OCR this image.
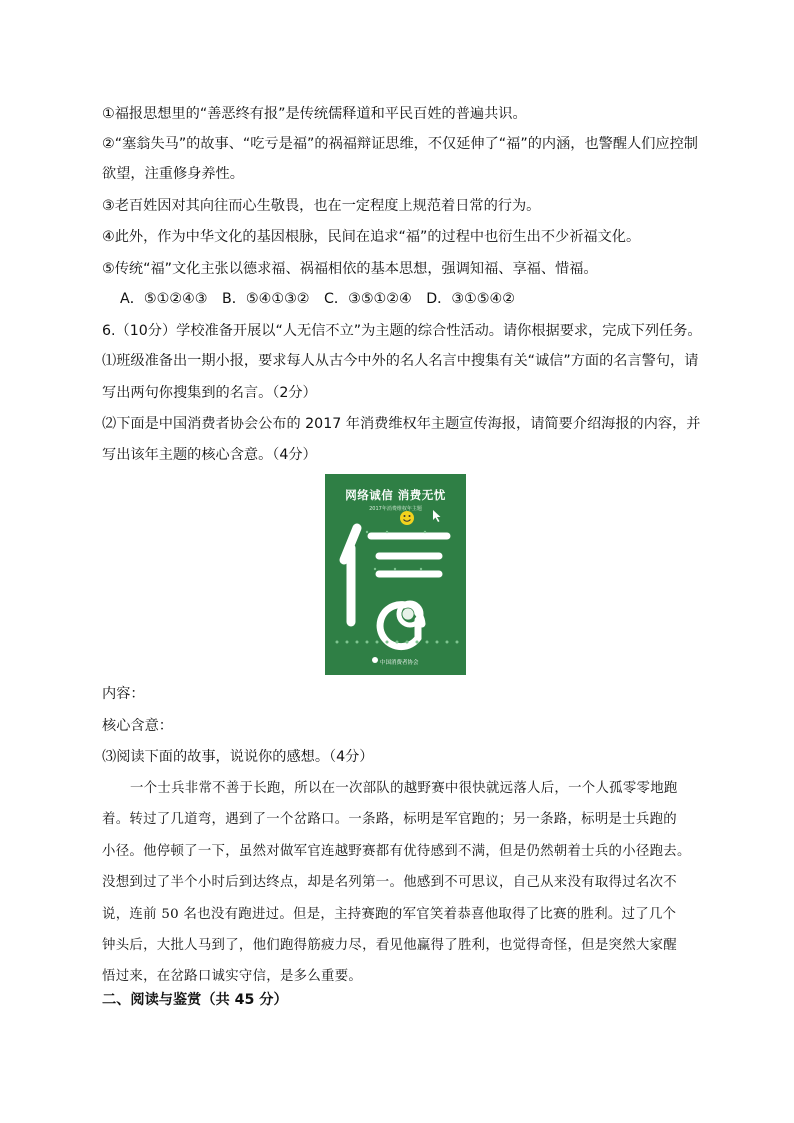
①福报思想里的“善恶终有报”是传统儒释道和平民百姓的普遍共识。
②“塞翁失马”的故事、“吃亏是福”的祸福辩证思维，不仅延伸了“福”的内涵，也警醒人们应控制
欲望，注重修身养性。
③老百姓因对其向往而心生敬畏，也在一定程度上规范着日常的行为。
④此外，作为中华文化的基因根脉，民间在追求“福”的过程中也衍生出不少祈福文化。
⑤传统“福”文化主张以德求福、祸福相依的基本思想，强调知福、享福、惜福。
A．⑤①②④③ B．⑤④①③② C．③⑤①②④ D．③①⑤④②
6.（10分）学校准备开展以“人无信不立”为主题的综合性活动。请你根据要求，完成下列任务。
⑴班级准备出一期小报，要求每人从古今中外的名人名言中搜集有关“诚信”方面的名言警句，请
写出两句你搜集到的名言。（2分）
⑵下面是中国消费者协会公布的 2017 年消费维权年主题宣传海报，请简要介绍海报的内容，并
写出该年主题的核心含意。（4分）
网络诚信 消费无忧
2017年消费维权年主题
中国消费者协会
内容：
核心含意：
⑶阅读下面的故事，说说你的感想。（4分）
一个士兵非常不善于长跑，所以在一次部队的越野赛中很快就远落人后，一个人孤零零地跑
着。转过了几道弯，遇到了一个岔路口。一条路，标明是军官跑的；另一条路，标明是士兵跑的
小径。他停顿了一下，虽然对做军官连越野赛都有优待感到不满，但是仍然朝着士兵的小径跑去。
没想到过了半个小时后到达终点，却是名列第一。他感到不可思议，自己从来没有取得过名次不
说，连前 50 名也没有跑进过。但是，主持赛跑的军官笑着恭喜他取得了比赛的胜利。过了几个
钟头后，大批人马到了，他们跑得筋疲力尽，看见他赢得了胜利，也觉得奇怪，但是突然大家醒
悟过来，在岔路口诚实守信，是多么重要。
二、阅读与鉴赏（共 45 分）
